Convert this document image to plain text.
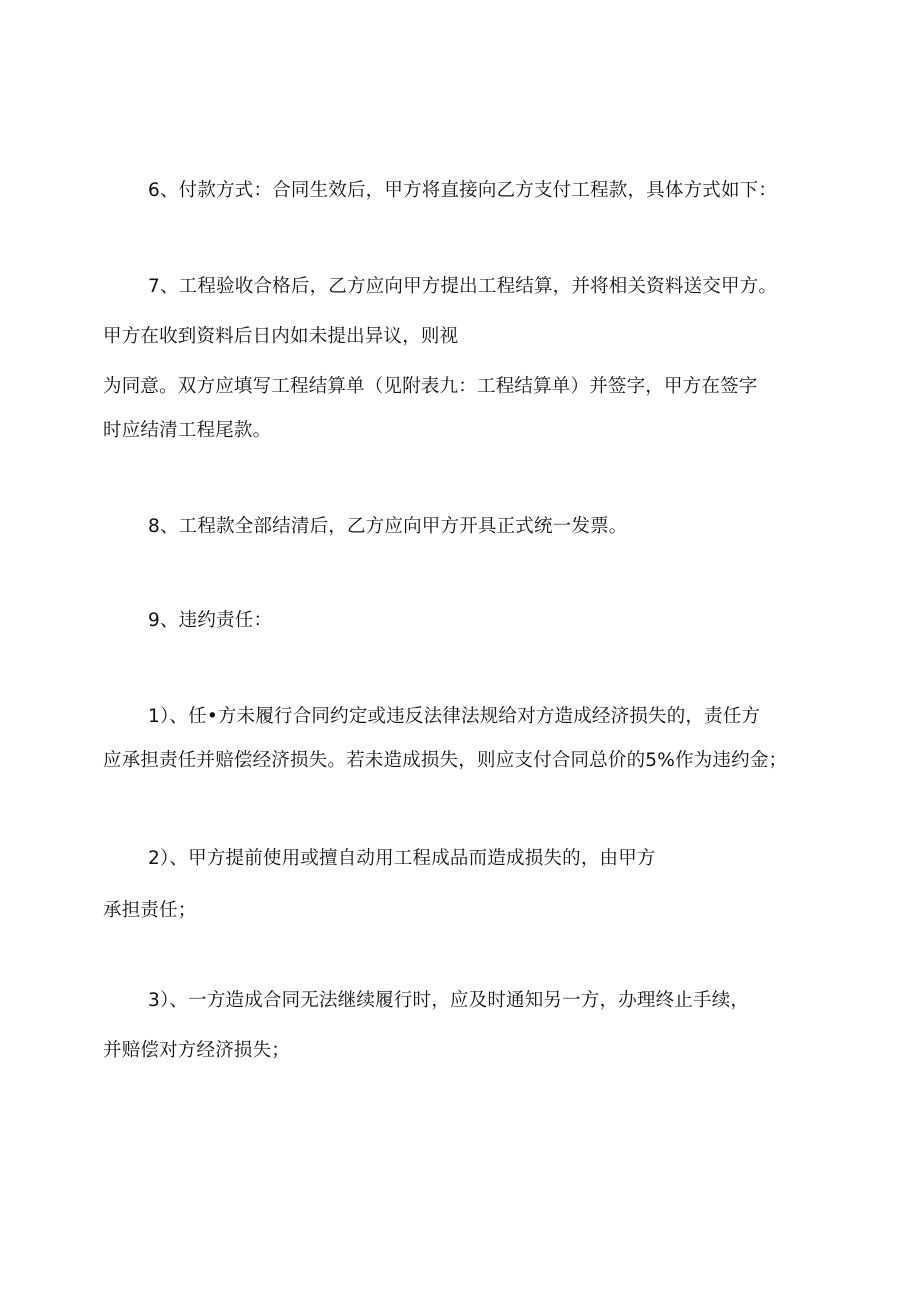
6、付款方式：合同生效后，甲方将直接向乙方支付工程款，具体方式如下：
7、工程验收合格后，乙方应向甲方提出工程结算，并将相关资料送交甲方。
甲方在收到资料后日内如未提出异议，则视
为同意。双方应填写工程结算单（见附表九：工程结算单）并签字，甲方在签字
时应结清工程尾款。
8、工程款全部结清后，乙方应向甲方开具正式统一发票。
9、违约责任：
1）、任•方未履行合同约定或违反法律法规给对方造成经济损失的，责任方
应承担责任并赔偿经济损失。若未造成损失，则应支付合同总价的5%作为违约金；
2）、甲方提前使用或擅自动用工程成品而造成损失的，由甲方
承担责任；
3）、一方造成合同无法继续履行时，应及时通知另一方，办理终止手续，
并赔偿对方经济损失；
